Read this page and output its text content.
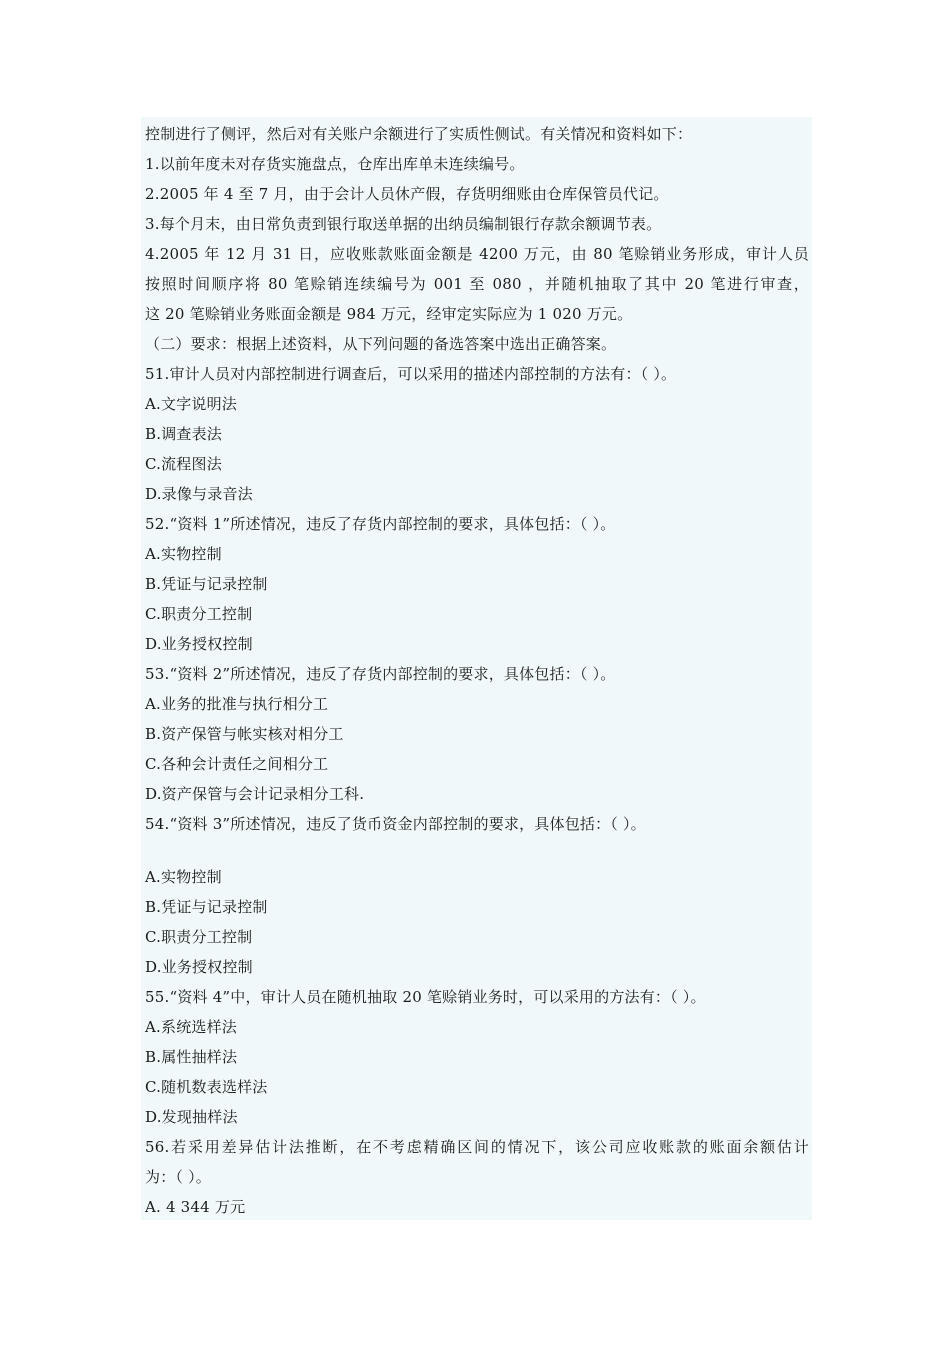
控制进行了侧评，然后对有关账户余额进行了实质性侧试。有关情况和资料如下：
1.以前年度未对存货实施盘点，仓库出库单未连续编号。
2.2005 年 4 至 7 月，由于会计人员休产假，存货明细账由仓库保管员代记。
3.每个月末，由日常负责到银行取送单据的出纳员编制银行存款余额调节表。
4.2005 年 12 月 31 日，应收账款账面金额是 4200 万元，由 80 笔赊销业务形成，审计人员
按照时间顺序将 80 笔赊销连续编号为 001 至 080 ，并随机抽取了其中 20 笔进行审查，
这 20 笔赊销业务账面金额是 984 万元，经审定实际应为 1 020 万元。
（二）要求：根据上述资料，从下列问题的备选答案中选出正确答案。
51.审计人员对内部控制进行调查后，可以采用的描述内部控制的方法有：（ ）。
A.文字说明法
B.调查表法
C.流程图法
D.录像与录音法
52.“资料 1”所述情况，违反了存货内部控制的要求，具体包括：（ ）。
A.实物控制
B.凭证与记录控制
C.职责分工控制
D.业务授权控制
53.“资料 2”所述情况，违反了存货内部控制的要求，具体包括：（ ）。
A.业务的批准与执行相分工
B.资产保管与帐实核对相分工
C.各种会计责任之间相分工
D.资产保管与会计记录相分工科.
54.“资料 3”所述情况，违反了货币资金内部控制的要求，具体包括：（ ）。
A.实物控制
B.凭证与记录控制
C.职责分工控制
D.业务授权控制
55.“资料 4”中，审计人员在随机抽取 20 笔赊销业务时，可以采用的方法有：（ ）。
A.系统选样法
B.属性抽样法
C.随机数表选样法
D.发现抽样法
56.若采用差异估计法推断，在不考虑精确区间的情况下，该公司应收账款的账面余额估计
为：（ ）。
A. 4 344 万元
